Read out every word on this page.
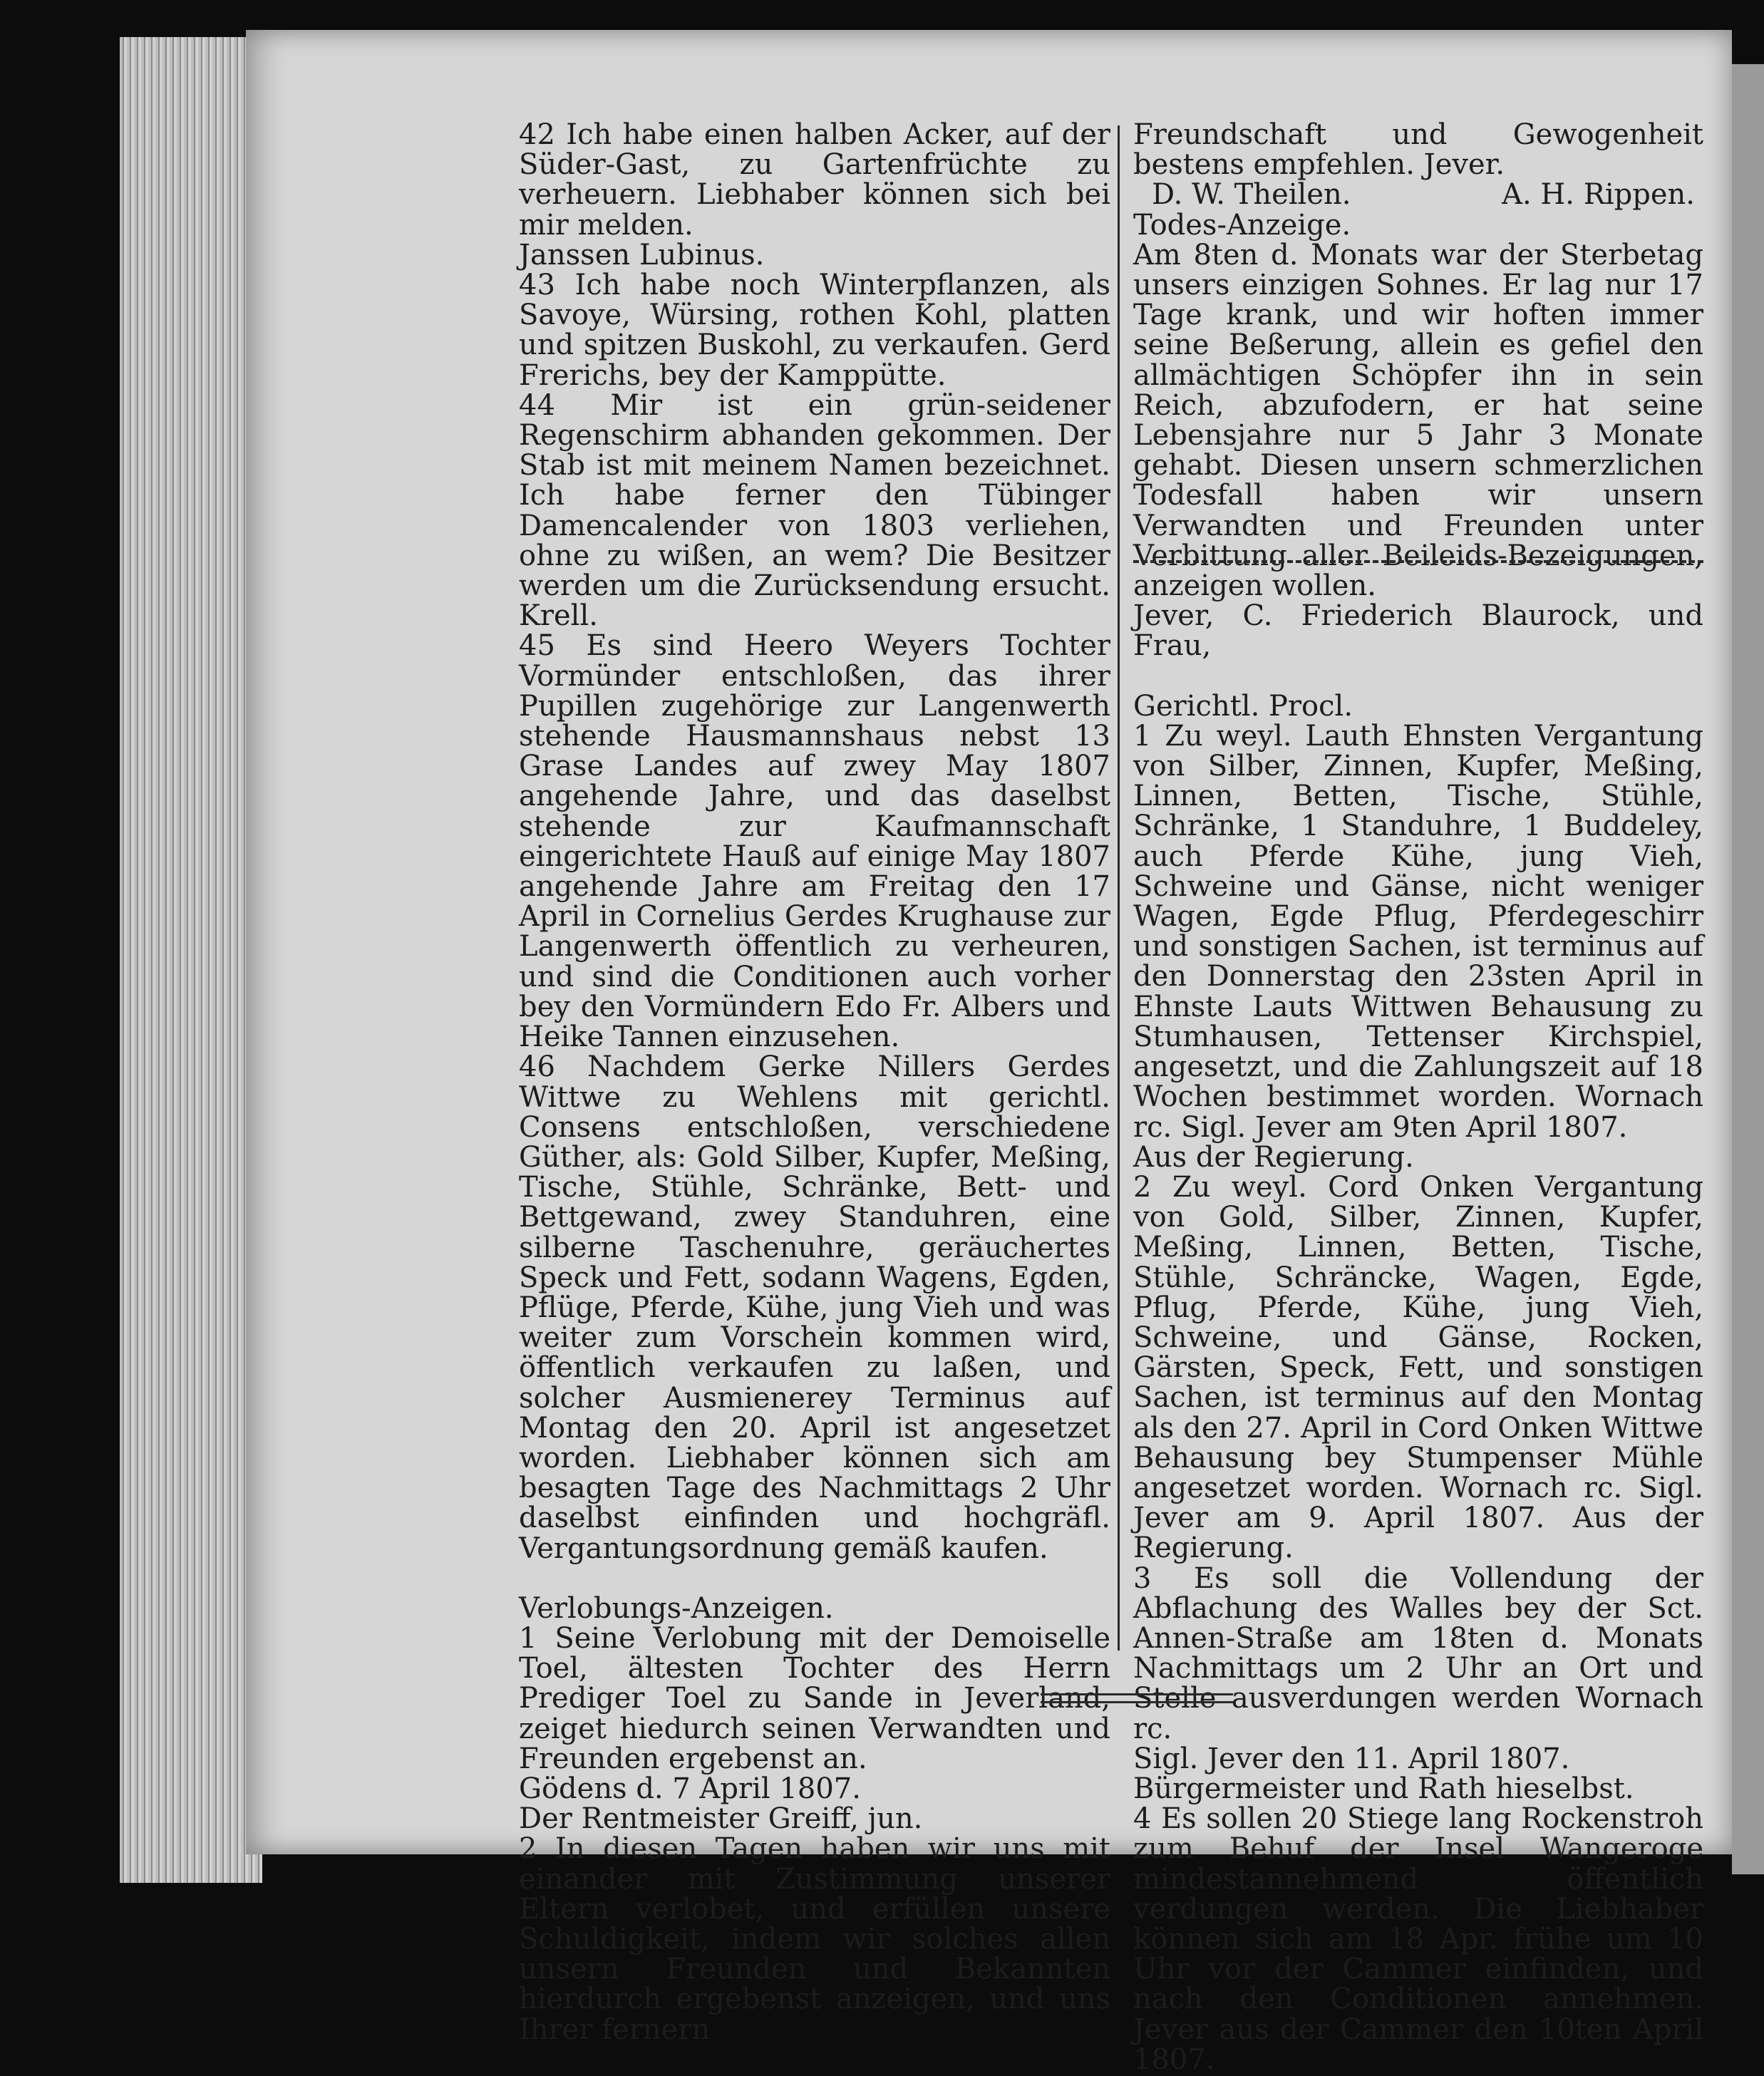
42 Ich habe einen halben Acker, auf der Süder-Gast, zu Gartenfrüchte zu verheuern. Liebhaber können sich bei mir melden.

Janssen Lubinus.

43 Ich habe noch Winterpflanzen, als Savoye, Würsing, rothen Kohl, platten und spitzen Buskohl, zu verkaufen. Gerd Frerichs, bey der Kamppütte.

44 Mir ist ein grün-seidener Regenschirm abhanden gekommen. Der Stab ist mit meinem Namen bezeichnet. Ich habe ferner den Tübinger Damencalender von 1803 verliehen, ohne zu wißen, an wem? Die Besitzer werden um die Zurücksendung ersucht. Krell.

45 Es sind Heero Weyers Tochter Vormünder entschloßen, das ihrer Pupillen zugehörige zur Langenwerth stehende Hausmannshaus nebst 13 Grase Landes auf zwey May 1807 angehende Jahre, und das daselbst stehende zur Kaufmannschaft eingerichtete Hauß auf einige May 1807 angehende Jahre am Freitag den 17 April in Cornelius Gerdes Krughause zur Langenwerth öffentlich zu verheuren, und sind die Conditionen auch vorher bey den Vormündern Edo Fr. Albers und Heike Tannen einzusehen.

46 Nachdem Gerke Nillers Gerdes Wittwe zu Wehlens mit gerichtl. Consens entschloßen, verschiedene Güther, als: Gold Silber, Kupfer, Meßing, Tische, Stühle, Schränke, Bett- und Bettgewand, zwey Standuhren, eine silberne Taschenuhre, geräuchertes Speck und Fett, sodann Wagens, Egden, Pflüge, Pferde, Kühe, jung Vieh und was weiter zum Vorschein kommen wird, öffentlich verkaufen zu laßen, und solcher Ausmienerey Terminus auf Montag den 20. April ist angesetzet worden. Liebhaber können sich am besagten Tage des Nachmittags 2 Uhr daselbst einfinden und hochgräfl. Vergantungsordnung gemäß kaufen.

Verlobungs-Anzeigen.

1 Seine Verlobung mit der Demoiselle Toel, ältesten Tochter des Herrn Prediger Toel zu Sande in Jeverland, zeiget hiedurch seinen Verwandten und Freunden ergebenst an.

Gödens d. 7 April 1807.

Der Rentmeister Greiff, jun.

2 In diesen Tagen haben wir uns mit einander mit Zustimmung unserer Eltern verlobet, und erfüllen unsere Schuldigkeit, indem wir solches allen unsern Freunden und Bekannten hierdurch ergebenst anzeigen, und uns Ihrer fernern

Freundschaft und Gewogenheit bestens empfehlen. Jever.

D. W. Theilen.	A. H. Rippen.

Todes-Anzeige.

Am 8ten d. Monats war der Sterbetag unsers einzigen Sohnes. Er lag nur 17 Tage krank, und wir hoften immer seine Beßerung, allein es gefiel den allmächtigen Schöpfer ihn in sein Reich, abzufodern, er hat seine Lebensjahre nur 5 Jahr 3 Monate gehabt. Diesen unsern schmerzlichen Todesfall haben wir unsern Verwandten und Freunden unter Verbittung aller Beileids-Bezeigungen, anzeigen wollen.

Jever, C. Friederich Blaurock, und Frau,

Gerichtl. Procl.

1 Zu weyl. Lauth Ehnsten Vergantung von Silber, Zinnen, Kupfer, Meßing, Linnen, Betten, Tische, Stühle, Schränke, 1 Standuhre, 1 Buddeley, auch Pferde Kühe, jung Vieh, Schweine und Gänse, nicht weniger Wagen, Egde Pflug, Pferdegeschirr und sonstigen Sachen, ist terminus auf den Donnerstag den 23sten April in Ehnste Lauts Wittwen Behausung zu Stumhausen, Tettenser Kirchspiel, angesetzt, und die Zahlungszeit auf 18 Wochen bestimmet worden. Wornach rc. Sigl. Jever am 9ten April 1807.

Aus der Regierung.

2 Zu weyl. Cord Onken Vergantung von Gold, Silber, Zinnen, Kupfer, Meßing, Linnen, Betten, Tische, Stühle, Schräncke, Wagen, Egde, Pflug, Pferde, Kühe, jung Vieh, Schweine, und Gänse, Rocken, Gärsten, Speck, Fett, und sonstigen Sachen, ist terminus auf den Montag als den 27. April in Cord Onken Wittwe Behausung bey Stumpenser Mühle angesetzet worden. Wornach rc. Sigl. Jever am 9. April 1807. Aus der Regierung.

3 Es soll die Vollendung der Abflachung des Walles bey der Sct. Annen-Straße am 18ten d. Monats Nachmittags um 2 Uhr an Ort und Stelle ausverdungen werden Wornach rc.

Sigl. Jever den 11. April 1807.

Bürgermeister und Rath hieselbst.

4 Es sollen 20 Stiege lang Rockenstroh zum Behuf der Insel Wangeroge mindestannehmend öffentlich verdungen werden. Die Liebhaber können sich am 18 Apr. frühe um 10 Uhr vor der Cammer einfinden, und nach den Conditionen annehmen. Jever aus der Cammer den 10ten April 1807.
